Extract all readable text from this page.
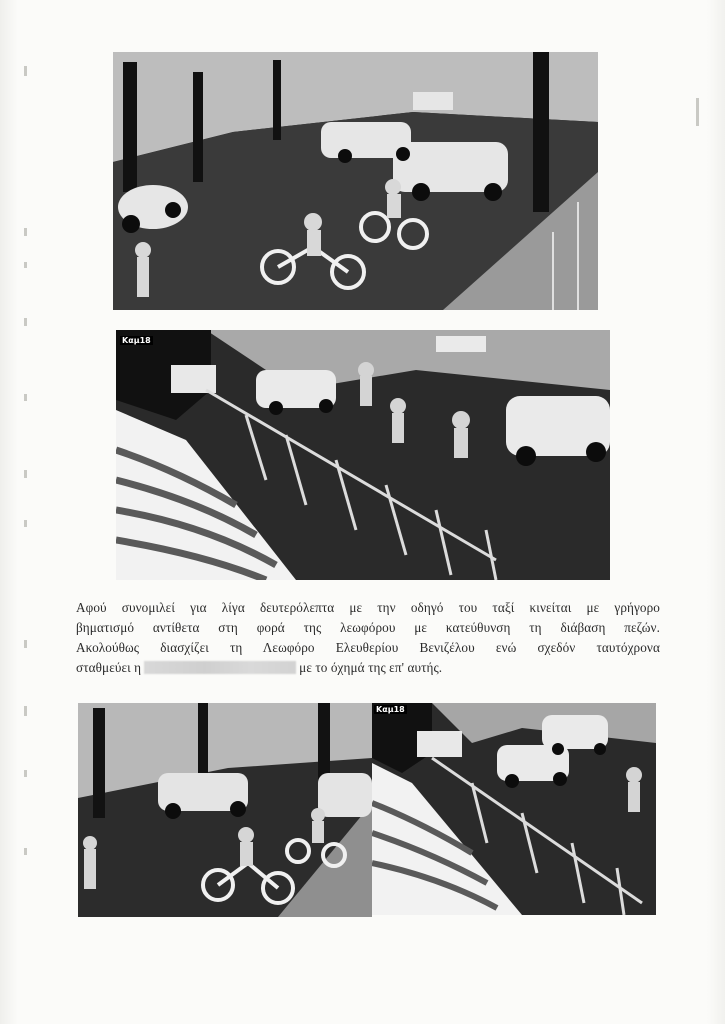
Καμ18

Αφού συνομιλεί για λίγα δευτερόλεπτα με την οδηγό του ταξί κινείται με γρήγορο
βηματισμό αντίθετα στη φορά της λεωφόρου με κατεύθυνση τη διάβαση πεζών.
Ακολούθως διασχίζει τη Λεωφόρο Ελευθερίου Βενιζέλου ενώ σχεδόν ταυτόχρονα
σταθμεύει η	με το όχημά της επ' αυτής.

Καμ18
